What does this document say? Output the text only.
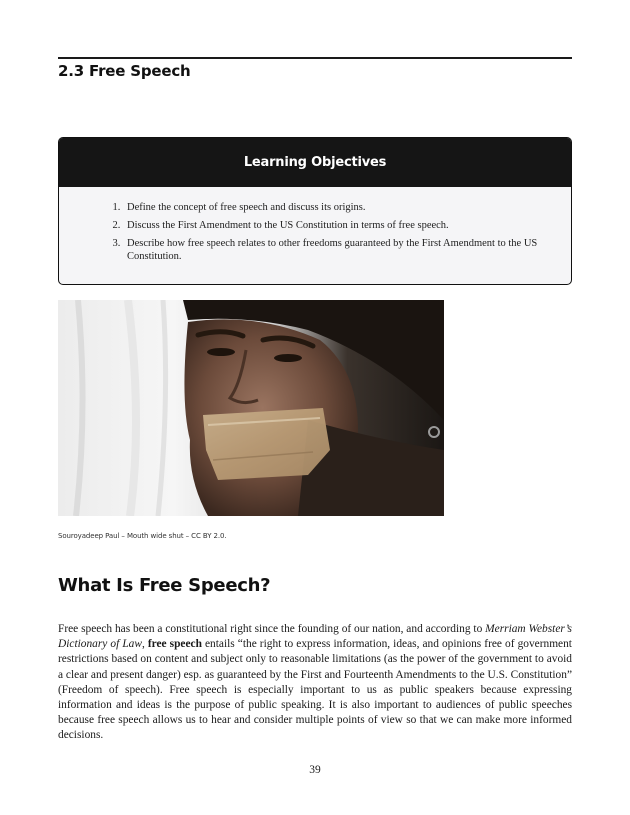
2.3 Free Speech
Learning Objectives
1. Define the concept of free speech and discuss its origins.
2. Discuss the First Amendment to the US Constitution in terms of free speech.
3. Describe how free speech relates to other freedoms guaranteed by the First Amendment to the US Constitution.
Souroyadeep Paul – Mouth wide shut – CC BY 2.0.
What Is Free Speech?

Free speech has been a constitutional right since the founding of our nation, and according to Merriam Webster’s Dictionary of Law, free speech entails “the right to express information, ideas, and opinions free of government restrictions based on content and subject only to reasonable limitations (as the power of the government to avoid a clear and present danger) esp. as guaranteed by the First and Fourteenth Amendments to the U.S. Constitution” (Freedom of speech). Free speech is especially important to us as public speakers because expressing information and ideas is the purpose of public speaking. It is also important to audiences of public speeches because free speech allows us to hear and consider multiple points of view so that we can make more informed decisions.

39
